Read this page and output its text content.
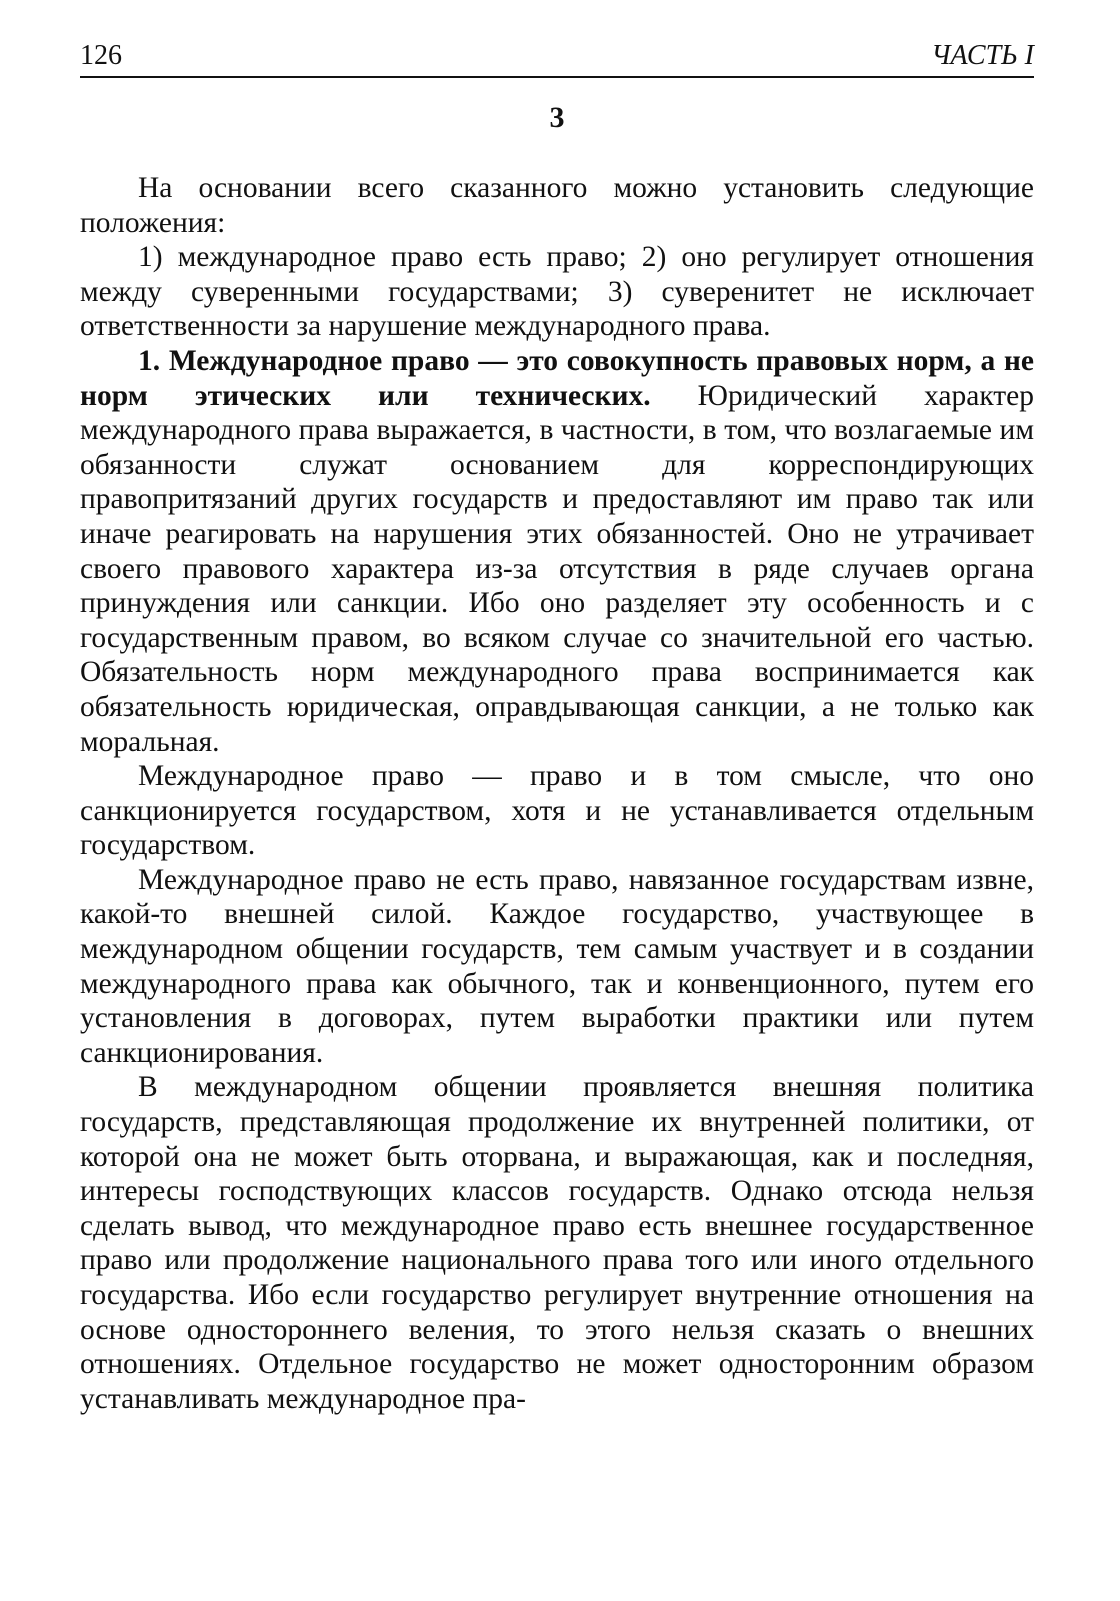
126	ЧАСТЬ I
3

На основании всего сказанного можно установить следующие положения:

1) международное право есть право; 2) оно регулирует отношения между суверенными государствами; 3) суверенитет не исключает ответственности за нарушение международного права.

1. Международное право — это совокупность правовых норм, а не норм этических или технических. Юридический характер международного права выражается, в частности, в том, что возлагаемые им обязанности служат основанием для корреспондирующих правопритязаний других государств и предоставляют им право так или иначе реагировать на нарушения этих обязанностей. Оно не утрачивает своего правового характера из-за отсутствия в ряде случаев органа принуждения или санкции. Ибо оно разделяет эту особенность и с государственным правом, во всяком случае со значительной его частью. Обязательность норм международного права воспринимается как обязательность юридическая, оправдывающая санкции, а не только как моральная.

Международное право — право и в том смысле, что оно санкционируется государством, хотя и не устанавливается отдельным государством.

Международное право не есть право, навязанное государствам извне, какой-то внешней силой. Каждое государство, участвующее в международном общении государств, тем самым участвует и в создании международного права как обычного, так и конвенционного, путем его установления в договорах, путем выработки практики или путем санкционирования.

В международном общении проявляется внешняя политика государств, представляющая продолжение их внутренней политики, от которой она не может быть оторвана, и выражающая, как и последняя, интересы господствующих классов государств. Однако отсюда нельзя сделать вывод, что международное право есть внешнее государственное право или продолжение национального права того или иного отдельного государства. Ибо если государство регулирует внутренние отношения на основе одностороннего веления, то этого нельзя сказать о внешних отношениях. Отдельное государство не может односторонним образом устанавливать международное пра-
